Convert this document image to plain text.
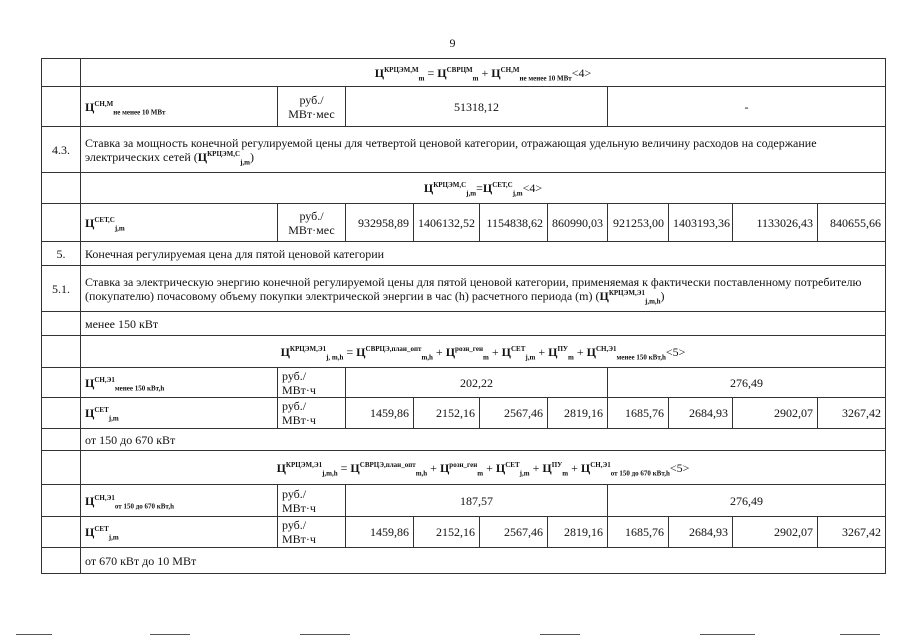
9
	$Ц^{КРЦЭМ,М}_m = Ц^{СВРЦМ}_m + Ц^{СН,М}_{не менее 10 МВт}<4>$									
	$Ц^{СН,М}_{не менее 10 МВт}$	руб./ МВт·мес	51318,12				-			
4.3.	Ставка за мощность конечной регулируемой цены для четвертой ценовой категории, отражающая удельную величину расходов на содержание электрических сетей $(Ц^{КРЦЭМ,С}_{j,m})$									
	$Ц^{КРЦЭМ,С}_{j,m}=Ц^{СЕТ,С}_{j,m}<4>$									
	$Ц^{СЕТ,С}_{j,m}$	руб./ МВт·мес	932958,89	1406132,52	1154838,62	860990,03	921253,00	1403193,36	1133026,43	840655,66
5.	Конечная регулируемая цена для пятой ценовой категории									
5.1.	Ставка за электрическую энергию конечной регулируемой цены для пятой ценовой категории, применяемая к фактически поставленному потребителю (покупателю) почасовому объему покупки электрической энергии в час (h) расчетного периода (m) $(Ц^{КРЦЭМ,Э1}_{j,m,h})$									
	менее 150 кВт									
	$Ц^{КРЦЭМ,Э1}_{j, m,h} = Ц^{СВРЦЭ,план\_опт}_{m,h} + Ц^{розн\_ген}_m + Ц^{СЕТ}_{j,m} + Ц^{ПУ}_m + Ц^{СН,Э1}_{менее 150 кВт,h}<5>$									
	$Ц^{СН,Э1}_{менее 150 кВт,h}$	руб./ МВт·ч	202,22				276,49			
	$Ц^{СЕТ}_{j,m}$	руб./ МВт·ч	1459,86	2152,16	2567,46	2819,16	1685,76	2684,93	2902,07	3267,42
	от 150 до 670 кВт									
	$Ц^{КРЦЭМ,Э1}_{j,m,h} = Ц^{СВРЦЭ,план\_опт}_{m,h} + Ц^{розн\_ген}_m + Ц^{СЕТ}_{j,m} + Ц^{ПУ}_m + Ц^{СН,Э1}_{от 150 до 670 кВт,h}<5>$									
	$Ц^{СН,Э1}_{от 150 до 670 кВт,h}$	руб./ МВт·ч	187,57				276,49			
	$Ц^{СЕТ}_{j,m}$	руб./ МВт·ч	1459,86	2152,16	2567,46	2819,16	1685,76	2684,93	2902,07	3267,42
	от 670 кВт до 10 МВт									
